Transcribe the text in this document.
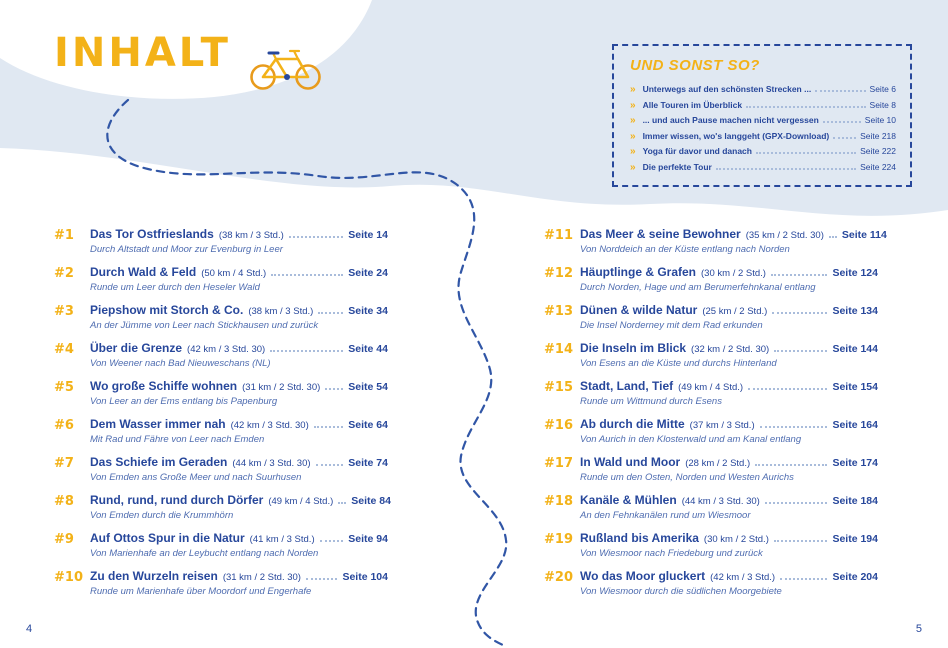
INHALT	UND SONST SO?
» Unterwegs auf den schönsten Strecken ...	Seite 6
» Alle Touren im Überblick	Seite 8
» ... und auch Pause machen nicht vergessen	Seite 10
» Immer wissen, wo's langgeht (GPX-Download)	Seite 218
» Yoga für davor und danach	Seite 222
» Die perfekte Tour	Seite 224
#1	Das Tor Ostfrieslands (38 km / 3 Std.)	Seite 14
Durch Altstadt und Moor zur Evenburg in Leer
#2	Durch Wald & Feld (50 km / 4 Std.)	Seite 24
Runde um Leer durch den Heseler Wald
#3	Piepshow mit Storch & Co. (38 km / 3 Std.)	Seite 34
An der Jümme von Leer nach Stickhausen und zurück
#4	Über die Grenze (42 km / 3 Std. 30)	Seite 44
Von Weener nach Bad Nieuweschans (NL)
#5	Wo große Schiffe wohnen (31 km / 2 Std. 30)	Seite 54
Von Leer an der Ems entlang bis Papenburg
#6	Dem Wasser immer nah (42 km / 3 Std. 30)	Seite 64
Mit Rad und Fähre von Leer nach Emden
#7	Das Schiefe im Geraden (44 km / 3 Std. 30)	Seite 74
Von Emden ans Große Meer und nach Suurhusen
#8	Rund, rund, rund durch Dörfer (49 km / 4 Std.) Seite 84
Von Emden durch die Krummhörn
#9	Auf Ottos Spur in die Natur (41 km / 3 Std.)	Seite 94
Von Marienhafe an der Leybucht entlang nach Norden
#10 Zu den Wurzeln reisen (31 km / 2 Std. 30)	Seite 104
Runde um Marienhafe über Moordorf und Engerhafe
#11 Das Meer & seine Bewohner (35 km / 2 Std. 30) Seite 114
Von Norddeich an der Küste entlang nach Norden
#12 Häuptlinge & Grafen (30 km / 2 Std.)	Seite 124
Durch Norden, Hage und am Berumerfehnkanal entlang
#13 Dünen & wilde Natur (25 km / 2 Std.)	Seite 134
Die Insel Norderney mit dem Rad erkunden
#14 Die Inseln im Blick (32 km / 2 Std. 30)	Seite 144
Von Esens an die Küste und durchs Hinterland
#15 Stadt, Land, Tief (49 km / 4 Std.)	Seite 154
Runde um Wittmund durch Esens
#16 Ab durch die Mitte (37 km / 3 Std.)	Seite 164
Von Aurich in den Klosterwald und am Kanal entlang
#17 In Wald und Moor (28 km / 2 Std.)	Seite 174
Runde um den Osten, Norden und Westen Aurichs
#18 Kanäle & Mühlen (44 km / 3 Std. 30)	Seite 184
An den Fehnkanälen rund um Wiesmoor
#19 Rußland bis Amerika (30 km / 2 Std.)	Seite 194
Von Wiesmoor nach Friedeburg und zurück
#20 Wo das Moor gluckert (42 km / 3 Std.)	Seite 204
Von Wiesmoor durch die südlichen Moorgebiete
4	5
